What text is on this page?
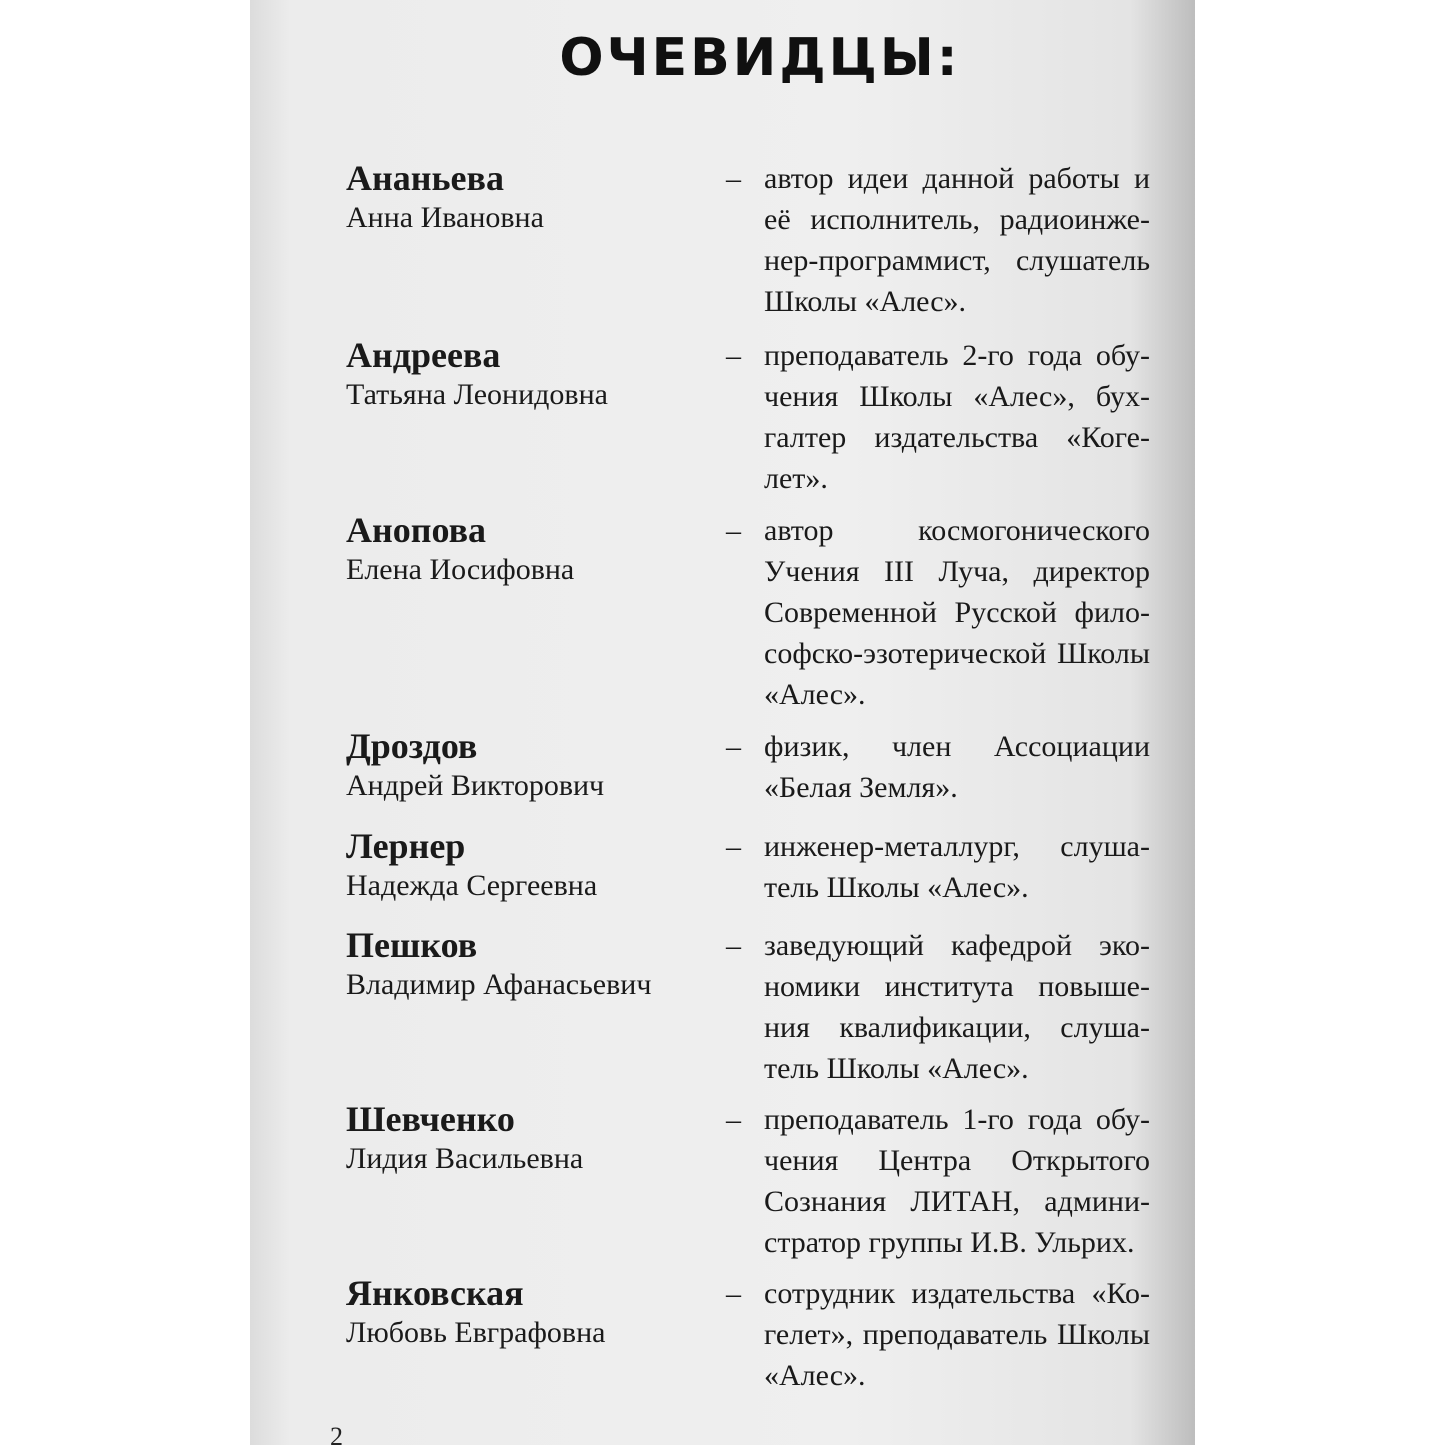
ОЧЕВИДЦЫ:
Ананьева
Анна Ивановна
– автор идеи данной работы и её исполнитель, радиоинженер-программист, слушатель Школы «Алес».
Андреева
Татьяна Леонидовна
– преподаватель 2-го года обучения Школы «Алес», бухгалтер издательства «Когелет».
Анопова
Елена Иосифовна
– автор космогонического Учения III Луча, директор Современной Русской философско-эзотерической Школы «Алес».
Дроздов
Андрей Викторович
– физик, член Ассоциации «Белая Земля».
Лернер
Надежда Сергеевна
– инженер-металлург, слушатель Школы «Алес».
Пешков
Владимир Афанасьевич
– заведующий кафедрой экономики института повышения квалификации, слушатель Школы «Алес».
Шевченко
Лидия Васильевна
– преподаватель 1-го года обучения Центра Открытого Сознания ЛИТАН, администратор группы И.В. Ульрих.
Янковская
Любовь Евграфовна
– сотрудник издательства «Когелет», преподаватель Школы «Алес».
2
